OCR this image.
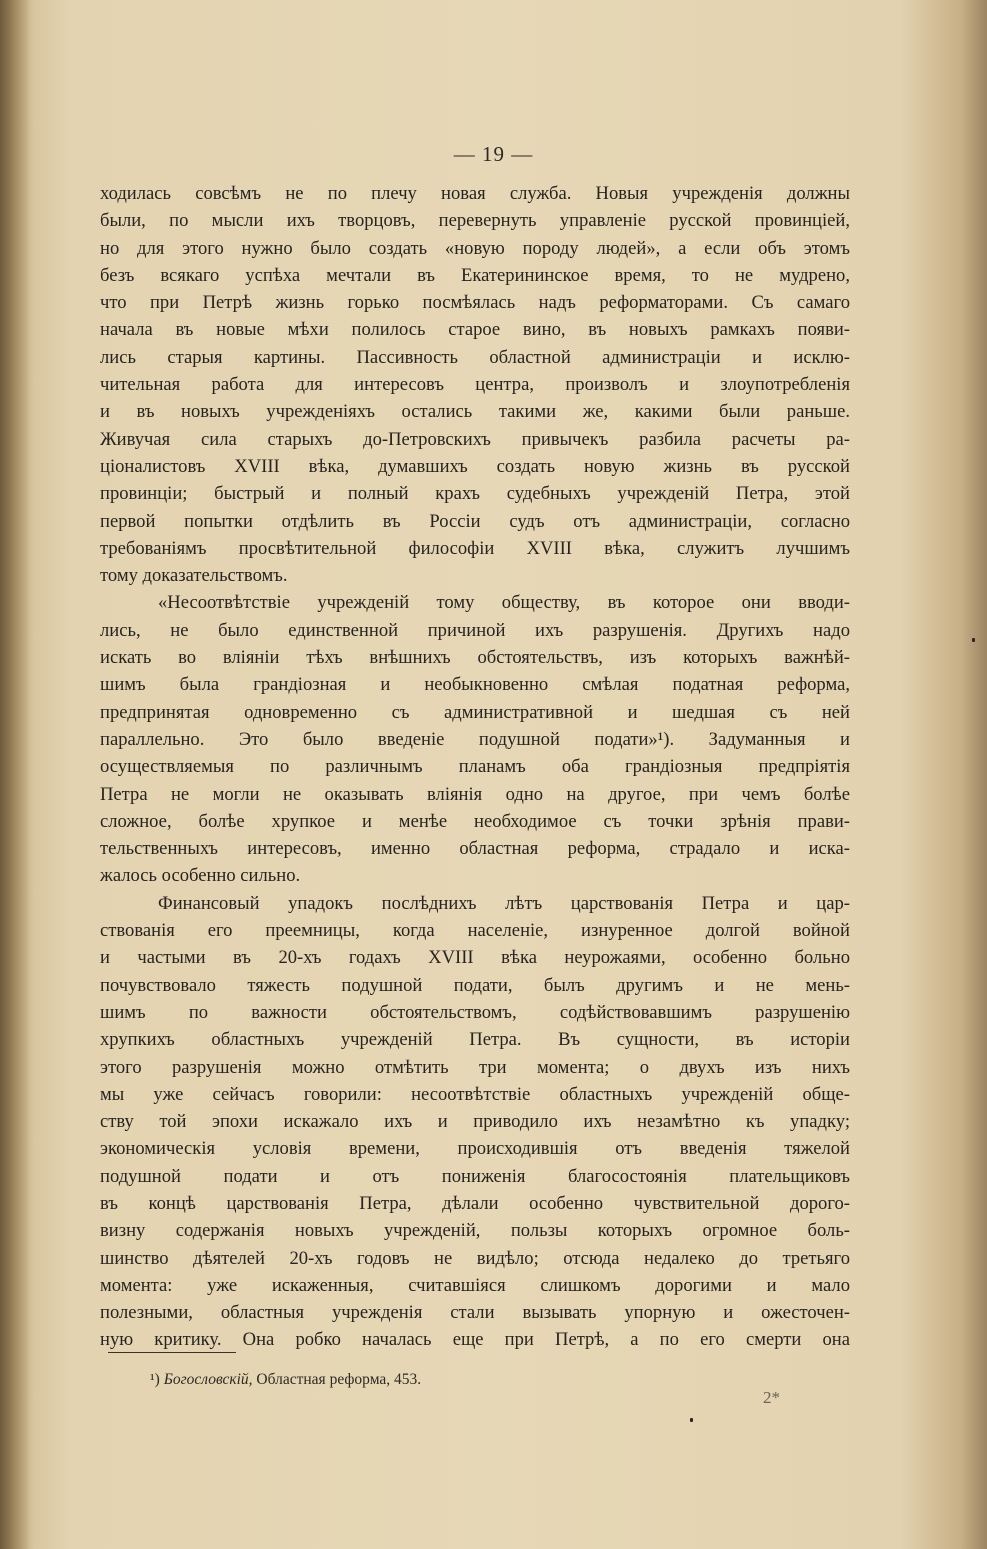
— 19 —
ходилась совсѣмъ не по плечу новая служба. Новыя учрежденія должны
были, по мысли ихъ творцовъ, перевернуть управленіе русской провинціей,
но для этого нужно было создать «новую породу людей», а если объ этомъ
безъ всякаго успѣха мечтали въ Екатерининское время, то не мудрено,
что при Петрѣ жизнь горько посмѣялась надъ реформаторами. Съ самаго
начала въ новые мѣхи полилось старое вино, въ новыхъ рамкахъ появи-
лись старыя картины. Пассивность областной администраціи и исклю-
чительная работа для интересовъ центра, произволъ и злоупотребленія
и въ новыхъ учрежденіяхъ остались такими же, какими были раньше.
Живучая сила старыхъ до-Петровскихъ привычекъ разбила расчеты ра-
ціоналистовъ XVIII вѣка, думавшихъ создать новую жизнь въ русской
провинціи; быстрый и полный крахъ судебныхъ учрежденій Петра, этой
первой попытки отдѣлить въ Россіи судъ отъ администраціи, согласно
требованіямъ просвѣтительной философіи XVIII вѣка, служитъ лучшимъ
тому доказательствомъ.
«Несоотвѣтствіе учрежденій тому обществу, въ которое они вводи-
лись, не было единственной причиной ихъ разрушенія. Другихъ надо
искать во вліяніи тѣхъ внѣшнихъ обстоятельствъ, изъ которыхъ важнѣй-
шимъ была грандіозная и необыкновенно смѣлая податная реформа,
предпринятая одновременно съ административной и шедшая съ ней
параллельно. Это было введеніе подушной подати»¹). Задуманныя и
осуществляемыя по различнымъ планамъ оба грандіозныя предпріятія
Петра не могли не оказывать вліянія одно на другое, при чемъ болѣе
сложное, болѣе хрупкое и менѣе необходимое съ точки зрѣнія прави-
тельственныхъ интересовъ, именно областная реформа, страдало и иска-
жалось особенно сильно.
Финансовый упадокъ послѣднихъ лѣтъ царствованія Петра и цар-
ствованія его преемницы, когда населеніе, изнуренное долгой войной
и частыми въ 20-хъ годахъ XVIII вѣка неурожаями, особенно больно
почувствовало тяжесть подушной подати, былъ другимъ и не мень-
шимъ по важности обстоятельствомъ, содѣйствовавшимъ разрушенію
хрупкихъ областныхъ учрежденій Петра. Въ сущности, въ исторіи
этого разрушенія можно отмѣтить три момента; о двухъ изъ нихъ
мы уже сейчасъ говорили: несоотвѣтствіе областныхъ учрежденій обще-
ству той эпохи искажало ихъ и приводило ихъ незамѣтно къ упадку;
экономическія условія времени, происходившія отъ введенія тяжелой
подушной подати и отъ пониженія благосостоянія плательщиковъ
въ концѣ царствованія Петра, дѣлали особенно чувствительной дорого-
визну содержанія новыхъ учрежденій, пользы которыхъ огромное боль-
шинство дѣятелей 20-хъ годовъ не видѣло; отсюда недалеко до третьяго
момента: уже искаженныя, считавшіяся слишкомъ дорогими и мало
полезными, областныя учрежденія стали вызывать упорную и ожесточен-
ную критику. Она робко началась еще при Петрѣ, а по его смерти она
¹) Богословскій, Областная реформа, 453.
2*
